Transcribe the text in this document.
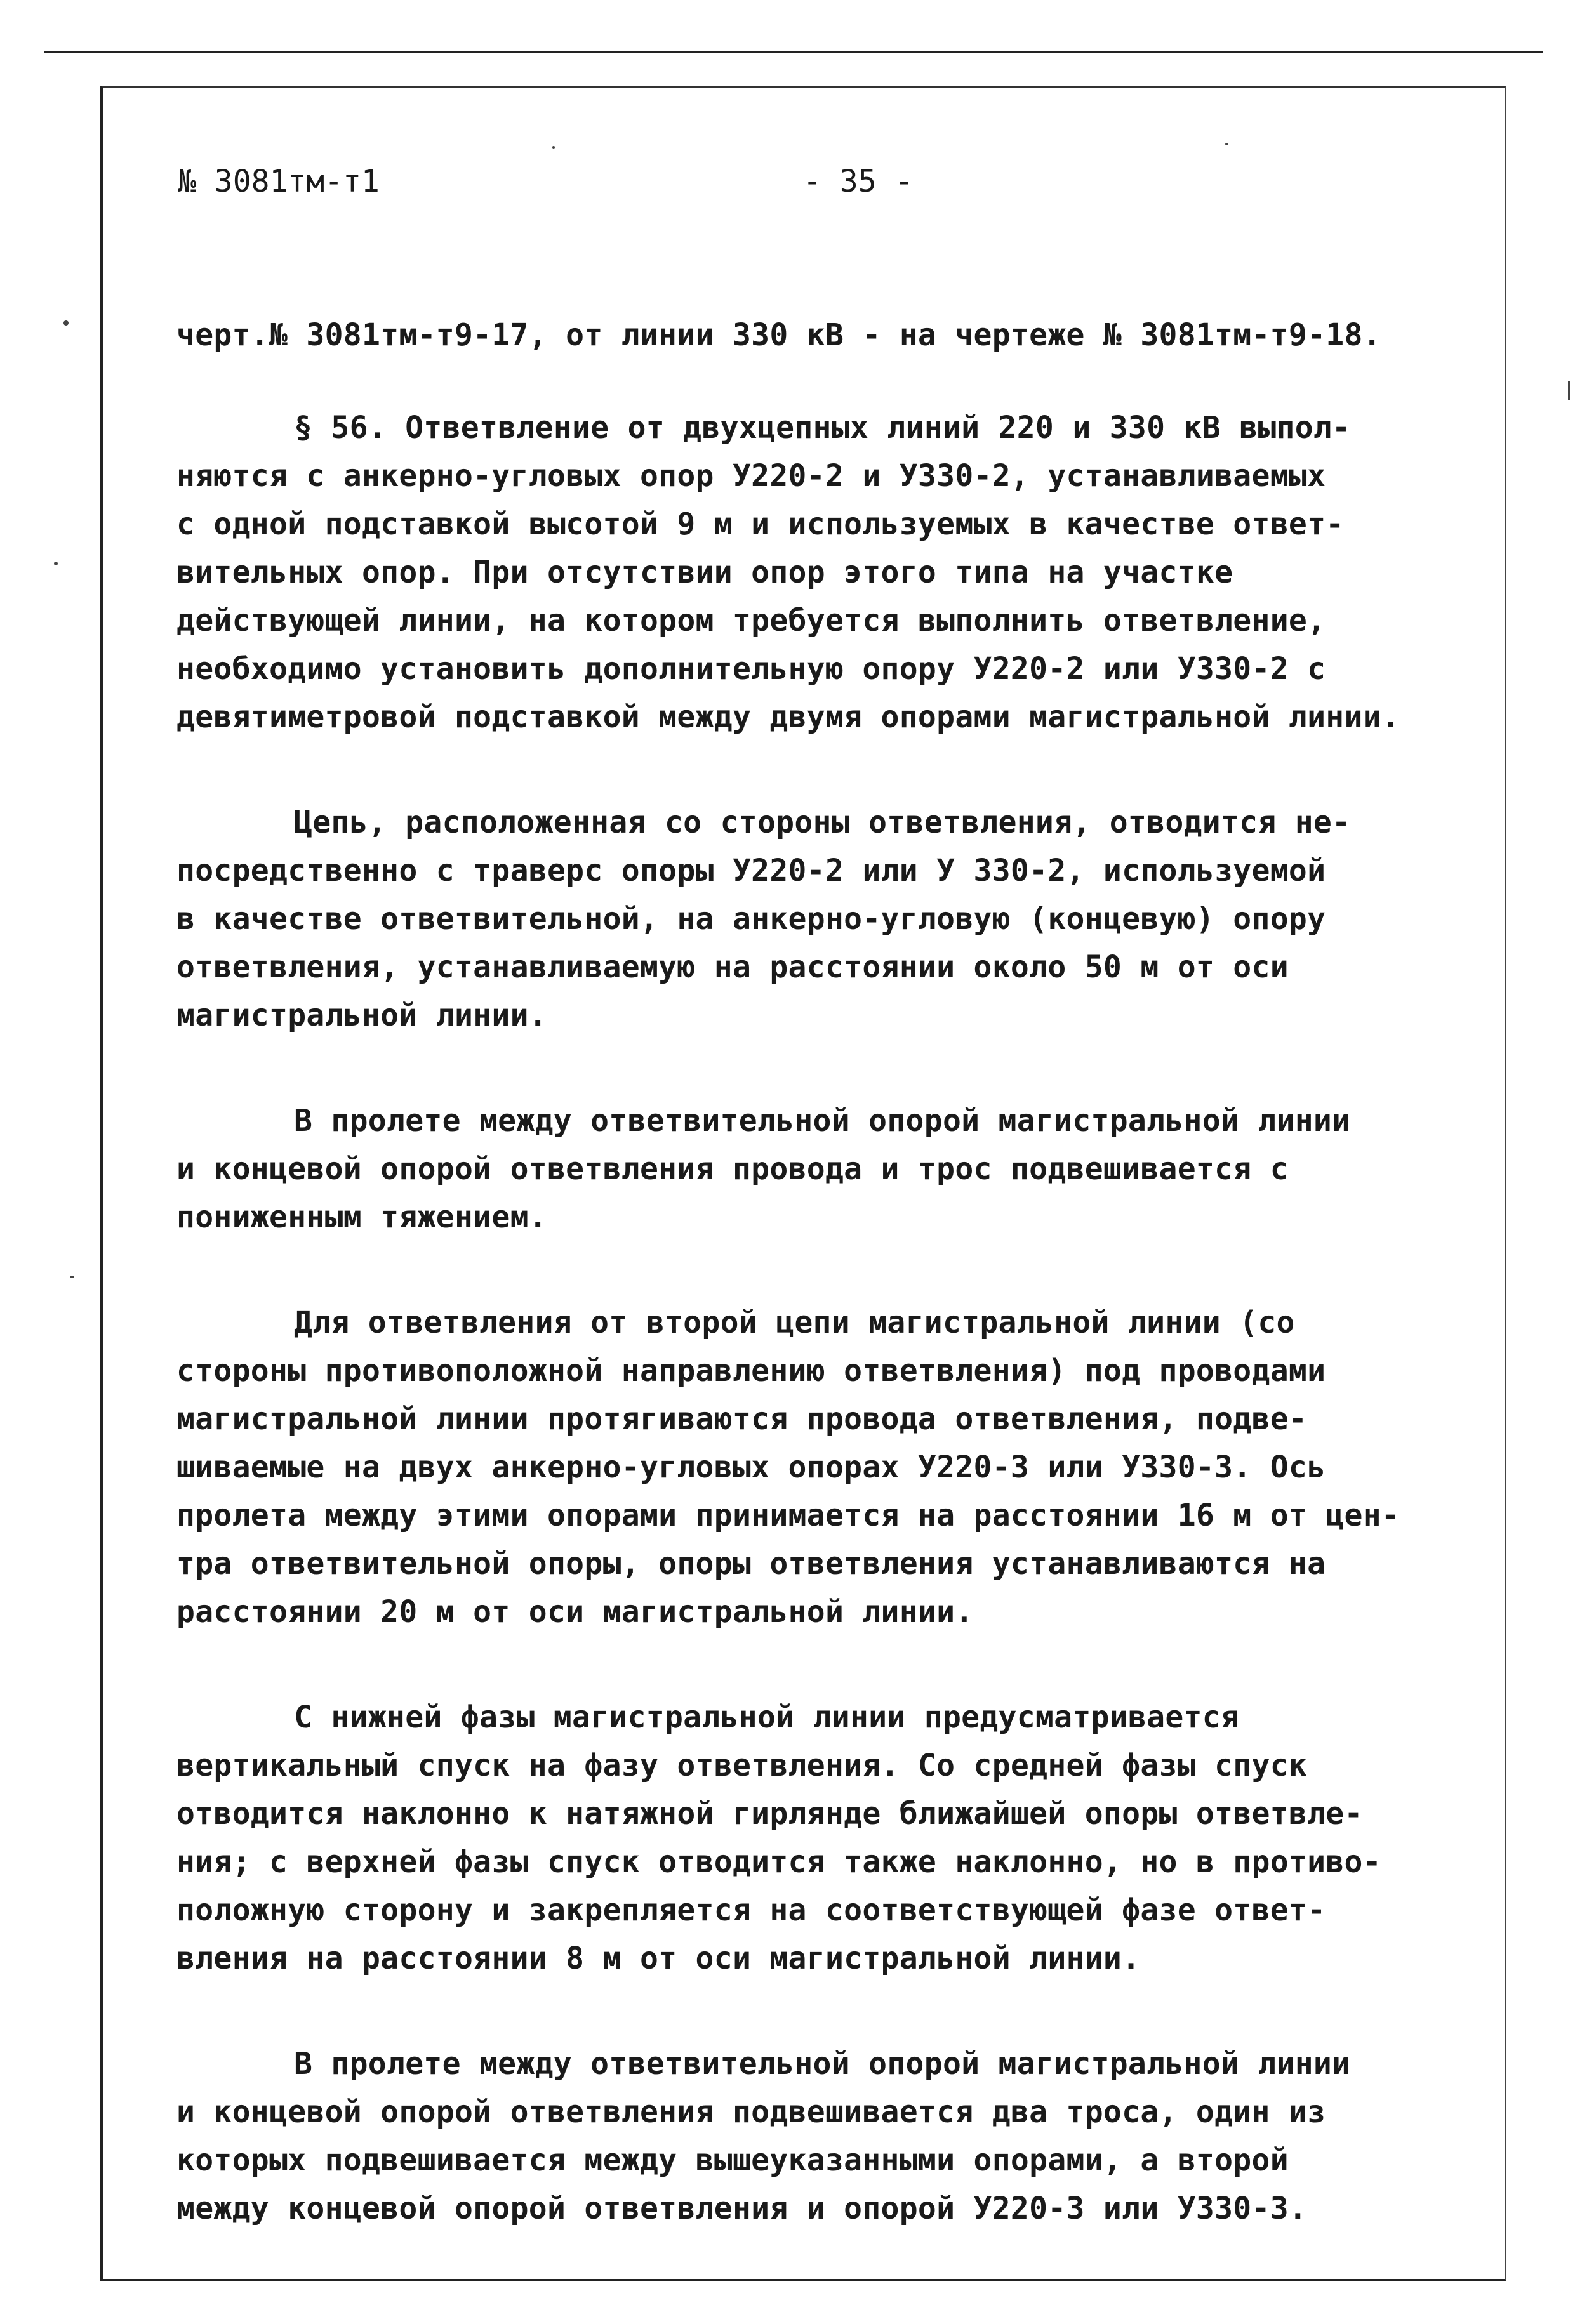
№ 3081тм-т1	- 35 -

черт.№ 3081тм-т9-17, от линии 330 кВ - на чертеже № 3081тм-т9-18.

§ 56. Ответвление от двухцепных линий 220 и 330 кВ выпол-
няются с анкерно-угловых опор У220-2 и У330-2, устанавливаемых
с одной подставкой высотой 9 м и используемых в качестве ответ-
вительных опор. При отсутствии опор этого типа на участке
действующей линии, на котором требуется выполнить ответвление,
необходимо установить дополнительную опору У220-2 или У330-2 с
девятиметровой подставкой между двумя опорами магистральной линии.

Цепь, расположенная со стороны ответвления, отводится не-
посредственно с траверс опоры У220-2 или У 330-2, используемой
в качестве ответвительной, на анкерно-угловую (концевую) опору
ответвления, устанавливаемую на расстоянии около 50 м от оси
магистральной линии.

В пролете между ответвительной опорой магистральной линии
и концевой опорой ответвления провода и трос подвешивается с
пониженным тяжением.

Для ответвления от второй цепи магистральной линии (со
стороны противоположной направлению ответвления) под проводами
магистральной линии протягиваются провода ответвления, подве-
шиваемые на двух анкерно-угловых опорах У220-3 или У330-3. Ось
пролета между этими опорами принимается на расстоянии 16 м от цен-
тра ответвительной опоры, опоры ответвления устанавливаются на
расстоянии 20 м от оси магистральной линии.

С нижней фазы магистральной линии предусматривается
вертикальный спуск на фазу ответвления. Со средней фазы спуск
отводится наклонно к натяжной гирлянде ближайшей опоры ответвле-
ния; с верхней фазы спуск отводится также наклонно, но в противо-
положную сторону и закрепляется на соответствующей фазе ответ-
вления на расстоянии 8 м от оси магистральной линии.

В пролете между ответвительной опорой магистральной линии
и концевой опорой ответвления подвешивается два троса, один из
которых подвешивается между вышеуказанными опорами, а второй
между концевой опорой ответвления и опорой У220-3 или У330-3.
